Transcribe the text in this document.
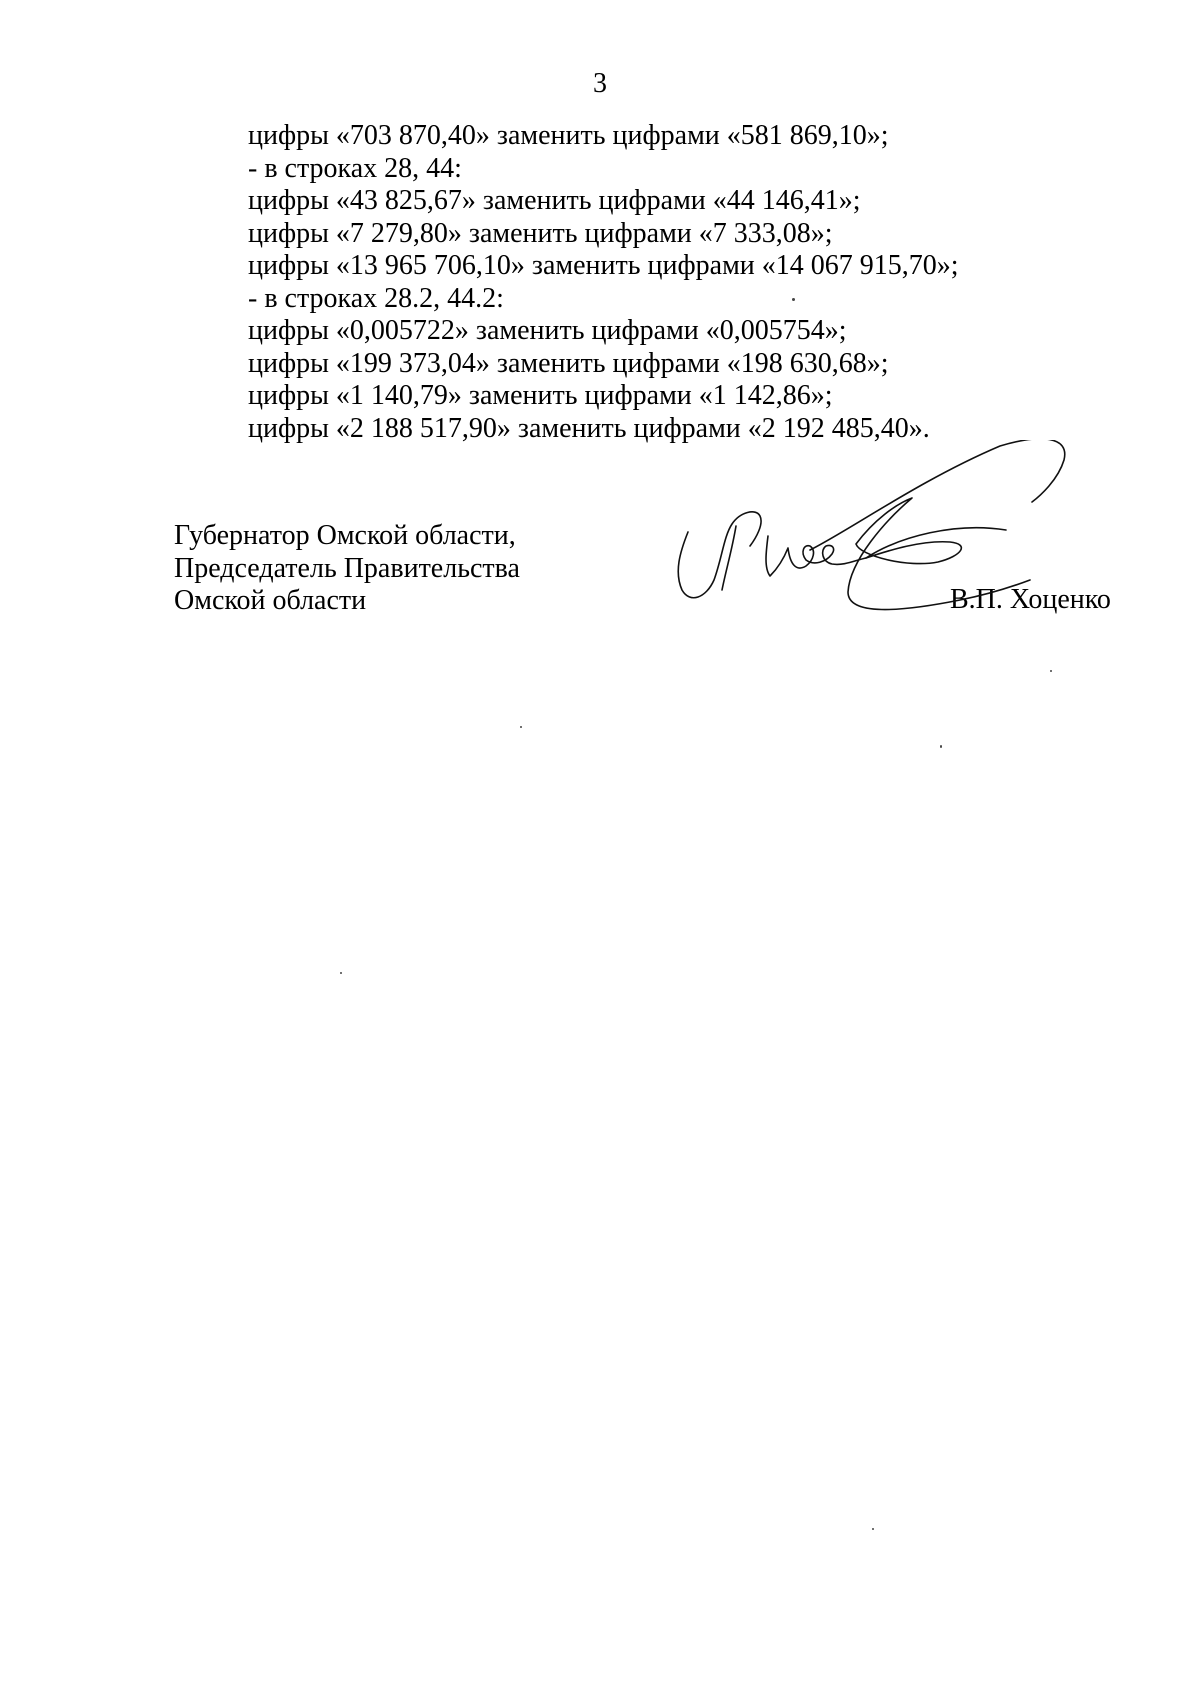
3
цифры «703 870,40» заменить цифрами «581 869,10»;
- в строках 28, 44:
цифры «43 825,67» заменить цифрами «44 146,41»;
цифры «7 279,80» заменить цифрами «7 333,08»;
цифры «13 965 706,10» заменить цифрами «14 067 915,70»;
- в строках 28.2, 44.2:
цифры «0,005722» заменить цифрами «0,005754»;
цифры «199 373,04» заменить цифрами «198 630,68»;
цифры «1 140,79» заменить цифрами «1 142,86»;
цифры «2 188 517,90» заменить цифрами «2 192 485,40».
Губернатор Омской области,
Председатель Правительства
Омской области	В.П. Хоценко
